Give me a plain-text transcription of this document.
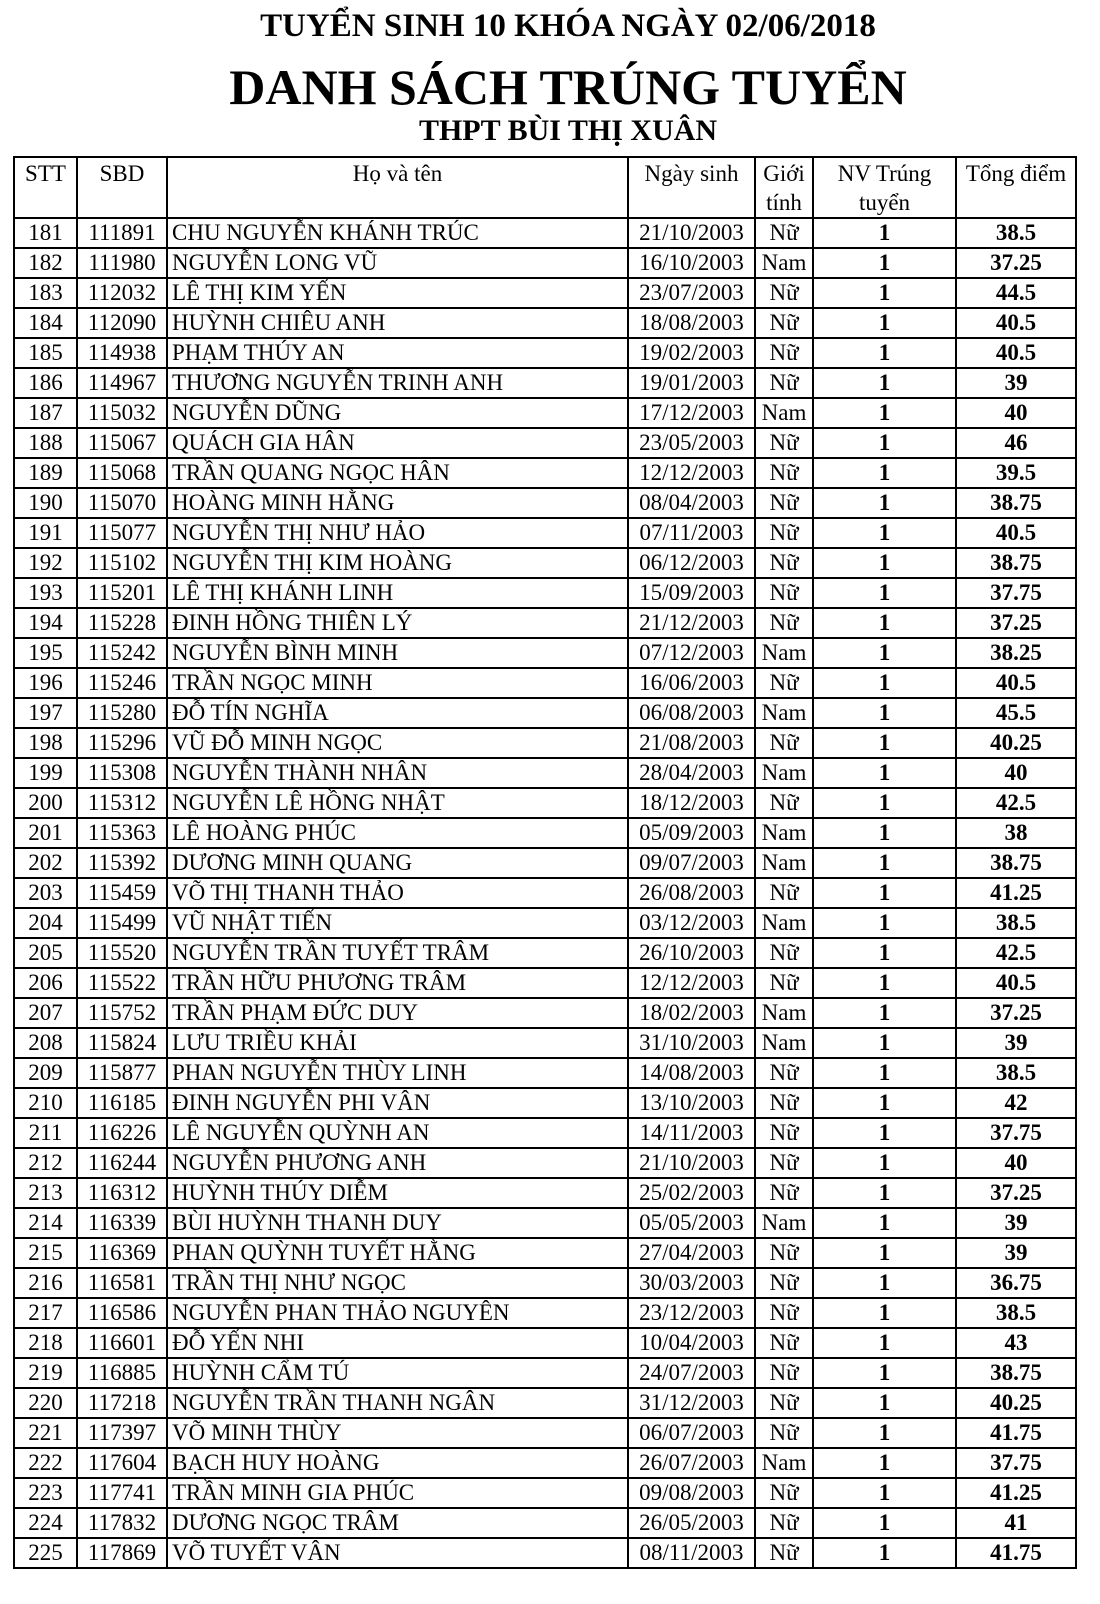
TUYỂN SINH 10 KHÓA NGÀY 02/06/2018
DANH SÁCH TRÚNG TUYỂN
THPT BÙI THỊ XUÂN
STT	SBD	Họ và tên	Ngày sinh	Giới tính	NV Trúng tuyển	Tổng điểm
181	111891	CHU NGUYỄN KHÁNH TRÚC	21/10/2003	Nữ	1	38.5
182	111980	NGUYỄN LONG VŨ	16/10/2003	Nam	1	37.25
183	112032	LÊ THỊ KIM YẾN	23/07/2003	Nữ	1	44.5
184	112090	HUỲNH CHIÊU ANH	18/08/2003	Nữ	1	40.5
185	114938	PHẠM THÚY AN	19/02/2003	Nữ	1	40.5
186	114967	THƯƠNG NGUYỄN TRINH ANH	19/01/2003	Nữ	1	39
187	115032	NGUYỄN DŨNG	17/12/2003	Nam	1	40
188	115067	QUÁCH GIA HÂN	23/05/2003	Nữ	1	46
189	115068	TRẦN QUANG NGỌC HÂN	12/12/2003	Nữ	1	39.5
190	115070	HOÀNG MINH HẰNG	08/04/2003	Nữ	1	38.75
191	115077	NGUYỄN THỊ NHƯ HẢO	07/11/2003	Nữ	1	40.5
192	115102	NGUYỄN THỊ KIM HOÀNG	06/12/2003	Nữ	1	38.75
193	115201	LÊ THỊ KHÁNH LINH	15/09/2003	Nữ	1	37.75
194	115228	ĐINH HỒNG THIÊN LÝ	21/12/2003	Nữ	1	37.25
195	115242	NGUYỄN BÌNH MINH	07/12/2003	Nam	1	38.25
196	115246	TRẦN NGỌC MINH	16/06/2003	Nữ	1	40.5
197	115280	ĐỖ TÍN NGHĨA	06/08/2003	Nam	1	45.5
198	115296	VŨ ĐỖ MINH NGỌC	21/08/2003	Nữ	1	40.25
199	115308	NGUYỄN THÀNH NHÂN	28/04/2003	Nam	1	40
200	115312	NGUYỄN LÊ HỒNG NHẬT	18/12/2003	Nữ	1	42.5
201	115363	LÊ HOÀNG PHÚC	05/09/2003	Nam	1	38
202	115392	DƯƠNG MINH QUANG	09/07/2003	Nam	1	38.75
203	115459	VÕ THỊ THANH THẢO	26/08/2003	Nữ	1	41.25
204	115499	VŨ NHẬT TIẾN	03/12/2003	Nam	1	38.5
205	115520	NGUYỄN TRẦN TUYẾT TRÂM	26/10/2003	Nữ	1	42.5
206	115522	TRẦN HỮU PHƯƠNG TRÂM	12/12/2003	Nữ	1	40.5
207	115752	TRẦN PHẠM ĐỨC DUY	18/02/2003	Nam	1	37.25
208	115824	LƯU TRIỀU KHẢI	31/10/2003	Nam	1	39
209	115877	PHAN NGUYỄN THÙY LINH	14/08/2003	Nữ	1	38.5
210	116185	ĐINH NGUYỄN PHI VÂN	13/10/2003	Nữ	1	42
211	116226	LÊ NGUYỄN QUỲNH AN	14/11/2003	Nữ	1	37.75
212	116244	NGUYỄN PHƯƠNG ANH	21/10/2003	Nữ	1	40
213	116312	HUỲNH THÚY DIỄM	25/02/2003	Nữ	1	37.25
214	116339	BÙI HUỲNH THANH DUY	05/05/2003	Nam	1	39
215	116369	PHAN QUỲNH TUYẾT HẰNG	27/04/2003	Nữ	1	39
216	116581	TRẦN THỊ NHƯ NGỌC	30/03/2003	Nữ	1	36.75
217	116586	NGUYỄN PHAN THẢO NGUYÊN	23/12/2003	Nữ	1	38.5
218	116601	ĐỖ YẾN NHI	10/04/2003	Nữ	1	43
219	116885	HUỲNH CẨM TÚ	24/07/2003	Nữ	1	38.75
220	117218	NGUYỄN TRẦN THANH NGÂN	31/12/2003	Nữ	1	40.25
221	117397	VÕ MINH THÙY	06/07/2003	Nữ	1	41.75
222	117604	BẠCH HUY HOÀNG	26/07/2003	Nam	1	37.75
223	117741	TRẦN MINH GIA PHÚC	09/08/2003	Nữ	1	41.25
224	117832	DƯƠNG NGỌC TRÂM	26/05/2003	Nữ	1	41
225	117869	VÕ TUYẾT VÂN	08/11/2003	Nữ	1	41.75
